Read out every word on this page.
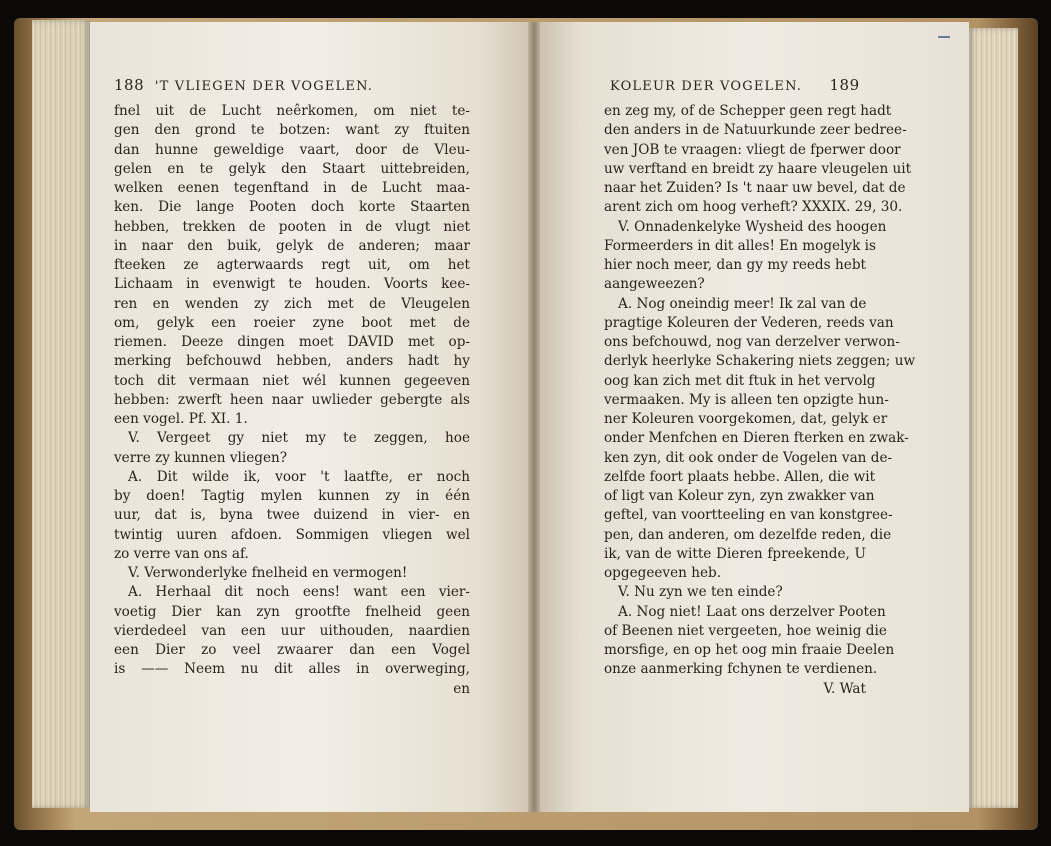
188 'T VLIEGEN DER VOGELEN.	KOLEUR DER VOGELEN. 189
fnel uit de Lucht neêrkomen, om niet te-
gen den grond te botzen: want zy ftuiten
dan hunne geweldige vaart, door de Vleu-
gelen en te gelyk den Staart uittebreiden,
welken eenen tegenftand in de Lucht maa-
ken. Die lange Pooten doch korte Staarten
hebben, trekken de pooten in de vlugt niet
in naar den buik, gelyk de anderen; maar
fteeken ze agterwaards regt uit, om het
Lichaam in evenwigt te houden. Voorts kee-
ren en wenden zy zich met de Vleugelen
om, gelyk een roeier zyne boot met de
riemen. Deeze dingen moet DAVID met op-
merking befchouwd hebben, anders hadt hy
toch dit vermaan niet wél kunnen gegeeven
hebben: zwerft heen naar uwlieder gebergte als
een vogel. Pf. XI. 1.
V. Vergeet gy niet my te zeggen, hoe
verre zy kunnen vliegen?
A. Dit wilde ik, voor 't laatfte, er noch
by doen! Tagtig mylen kunnen zy in één
uur, dat is, byna twee duizend in vier- en
twintig uuren afdoen. Sommigen vliegen wel
zo verre van ons af.
V. Verwonderlyke fnelheid en vermogen!
A. Herhaal dit noch eens! want een vier-
voetig Dier kan zyn grootfte fnelheid geen
vierdedeel van een uur uithouden, naardien
een Dier zo veel zwaarer dan een Vogel
is —— Neem nu dit alles in overweging,
en
en zeg my, of de Schepper geen regt hadt
den anders in de Natuurkunde zeer bedree-
ven JOB te vraagen: vliegt de fperwer door
uw verftand en breidt zy haare vleugelen uit
naar het Zuiden? Is 't naar uw bevel, dat de
arent zich om hoog verheft? XXXIX. 29, 30.
V. Onnadenkelyke Wysheid des hoogen
Formeerders in dit alles! En mogelyk is
hier noch meer, dan gy my reeds hebt
aangeweezen?
A. Nog oneindig meer! Ik zal van de
pragtige Koleuren der Vederen, reeds van
ons befchouwd, nog van derzelver verwon-
derlyk heerlyke Schakering niets zeggen; uw
oog kan zich met dit ftuk in het vervolg
vermaaken. My is alleen ten opzigte hun-
ner Koleuren voorgekomen, dat, gelyk er
onder Menfchen en Dieren fterken en zwak-
ken zyn, dit ook onder de Vogelen van de-
zelfde foort plaats hebbe. Allen, die wit
of ligt van Koleur zyn, zyn zwakker van
geftel, van voortteeling en van konstgree-
pen, dan anderen, om dezelfde reden, die
ik, van de witte Dieren fpreekende, U
opgegeeven heb.
V. Nu zyn we ten einde?
A. Nog niet! Laat ons derzelver Pooten
of Beenen niet vergeeten, hoe weinig die
morsfige, en op het oog min fraaie Deelen
onze aanmerking fchynen te verdienen.
V. Wat
